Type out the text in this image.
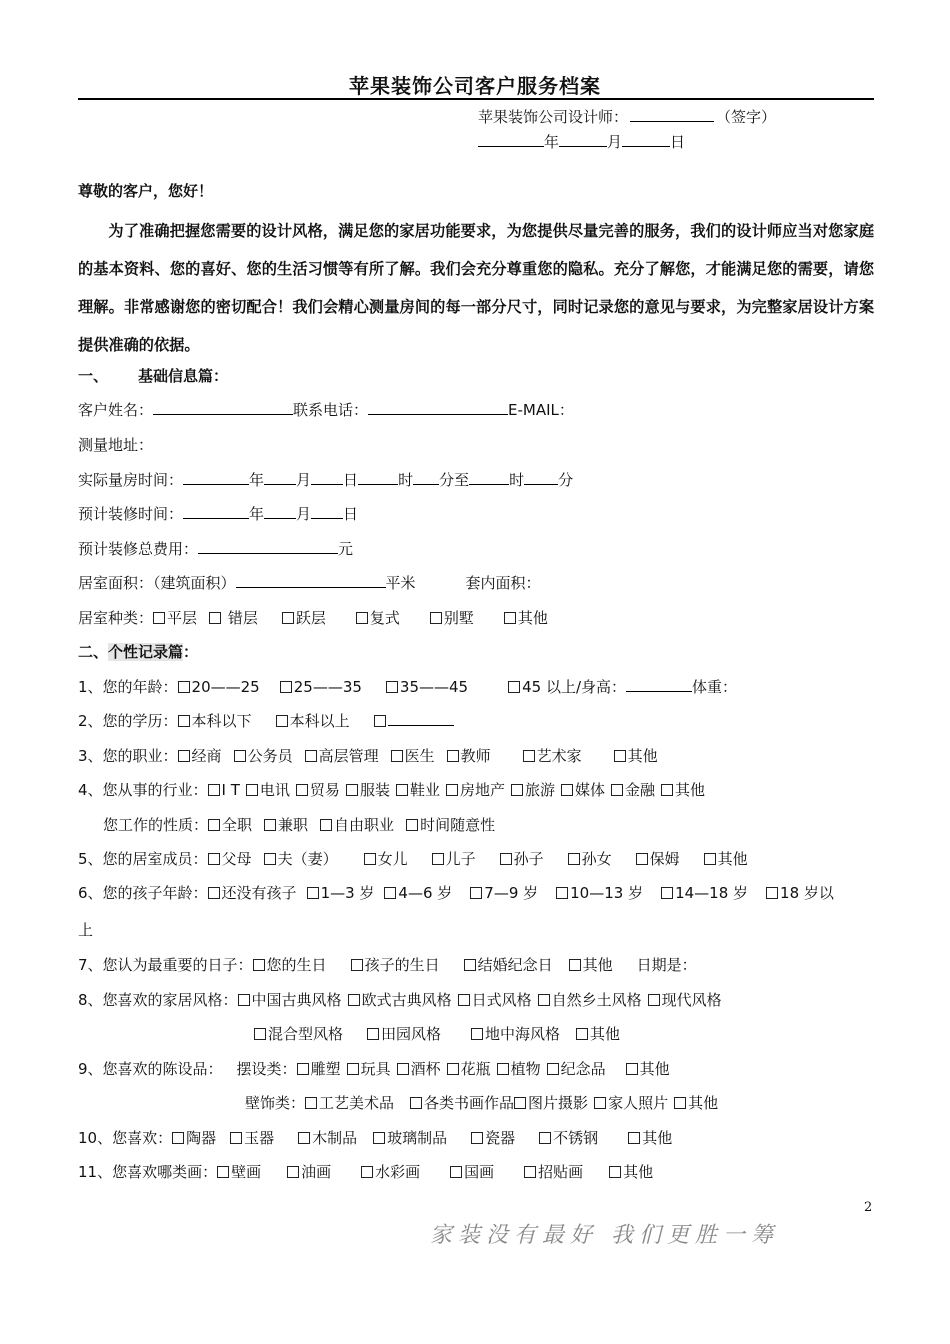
苹果装饰公司客户服务档案
苹果装饰公司设计师：	（签字）
年	月	日
尊敬的客户，您好！
为了准确把握您需要的设计风格，满足您的家居功能要求，为您提供尽量完善的服务，我们的设计师应当对您家庭的基本资料、您的喜好、您的生活习惯等有所了解。我们会充分尊重您的隐私。充分了解您，才能满足您的需要，请您理解。非常感谢您的密切配合！我们会精心测量房间的每一部分尺寸，同时记录您的意见与要求，为完整家居设计方案提供准确的依据。
一、 基础信息篇：
客户姓名：	联系电话：	E-MAIL：
测量地址：
实际量房时间：	年 月 日	时 分至	时 分
预计装修时间：	年 月 日
预计装修总费用：	元
居室面积：（建筑面积）	平米	套内面积：
居室种类： 平层 错层	跃层	复式	别墅	其他
二、个性记录篇：
1、您的年龄： 20——25 25——35	35——45	45 以上/身高：	体重：
2、您的学历： 本科以下	本科以上
3、您的职业： 经商 公务员 高层管理 医生 教师	艺术家	其他
4、您从事的行业： I T 电讯 贸易 服装 鞋业 房地产 旅游 媒体 金融 其他
您工作的性质： 全职 兼职 自由职业 时间随意性
5、您的居室成员： 父母 夫（妻）	女儿	儿子	孙子	孙女	保姆	其他
6、您的孩子年龄： 还没有孩子 1—3 岁 4—6 岁 7—9 岁 10—13 岁 14—18 岁 18 岁以
上
7、您认为最重要的日子： 您的生日	孩子的生日	结婚纪念日 其他 日期是：
8、您喜欢的家居风格： 中国古典风格 欧式古典风格 日式风格 自然乡土风格 现代风格
混合型风格	田园风格	地中海风格 其他
9、您喜欢的陈设品： 摆设类： 雕塑 玩具 酒杯 花瓶 植物 纪念品 其他
壁饰类： 工艺美术品 各类书画作品 图片摄影 家人照片 其他
10、您喜欢： 陶器 玉器	木制品 玻璃制品	瓷器	不锈钢	其他
11、您喜欢哪类画： 壁画	油画	水彩画	国画	招贴画	其他
2
家装没有最好 我们更胜一筹
